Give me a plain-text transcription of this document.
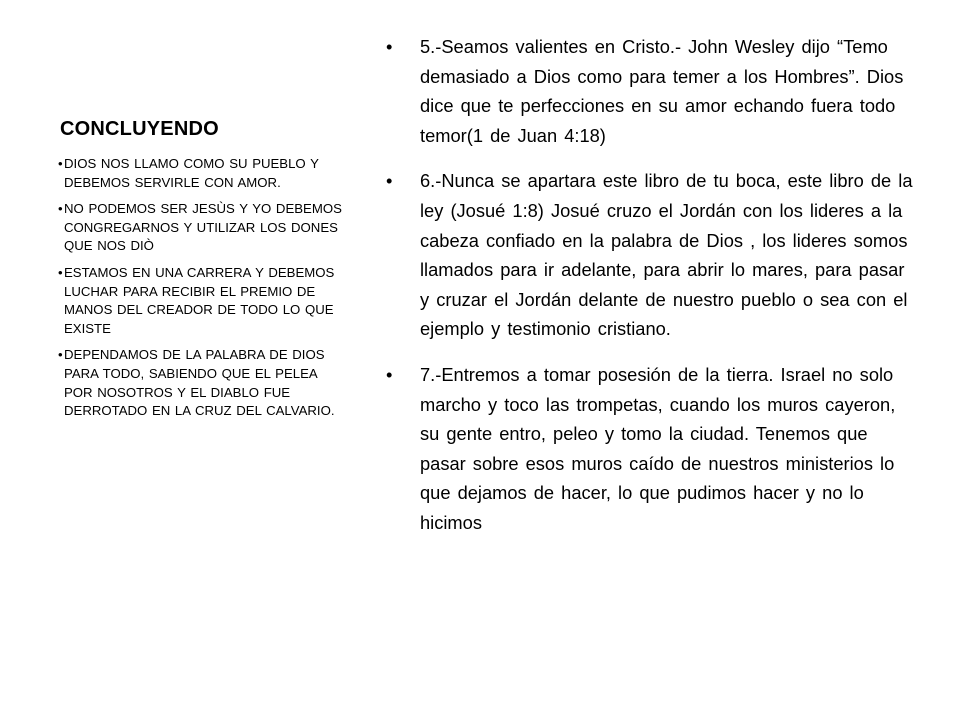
CONCLUYENDO
• DIOS NOS LLAMO COMO SU PUEBLO Y DEBEMOS SERVIRLE CON AMOR.
• NO PODEMOS SER JESÙS Y YO DEBEMOS CONGREGARNOS Y UTILIZAR LOS DONES QUE NOS DIÒ
• ESTAMOS EN UNA CARRERA Y DEBEMOS LUCHAR PARA RECIBIR EL PREMIO DE MANOS DEL CREADOR DE TODO LO QUE EXISTE
• DEPENDAMOS DE LA PALABRA DE DIOS PARA TODO, SABIENDO QUE EL PELEA POR NOSOTROS Y EL DIABLO FUE DERROTADO EN LA CRUZ DEL CALVARIO.
• 5.-Seamos valientes en Cristo.- John Wesley dijo “Temo demasiado a Dios como para temer a los Hombres”. Dios dice que te perfecciones en su amor echando fuera todo temor(1 de Juan 4:18)
• 6.-Nunca se apartara este libro de tu boca, este libro de la ley (Josué 1:8) Josué cruzo el Jordán con los lideres a la cabeza confiado en la palabra de Dios , los lideres somos llamados para ir adelante, para abrir lo mares, para pasar y cruzar el Jordán delante de nuestro pueblo o sea con el ejemplo y testimonio cristiano.
• 7.-Entremos a tomar posesión de la tierra. Israel no solo marcho y toco las trompetas, cuando los muros cayeron, su gente entro, peleo y tomo la ciudad. Tenemos que pasar sobre esos muros caído de nuestros ministerios lo que dejamos de hacer, lo que pudimos hacer y no lo hicimos
